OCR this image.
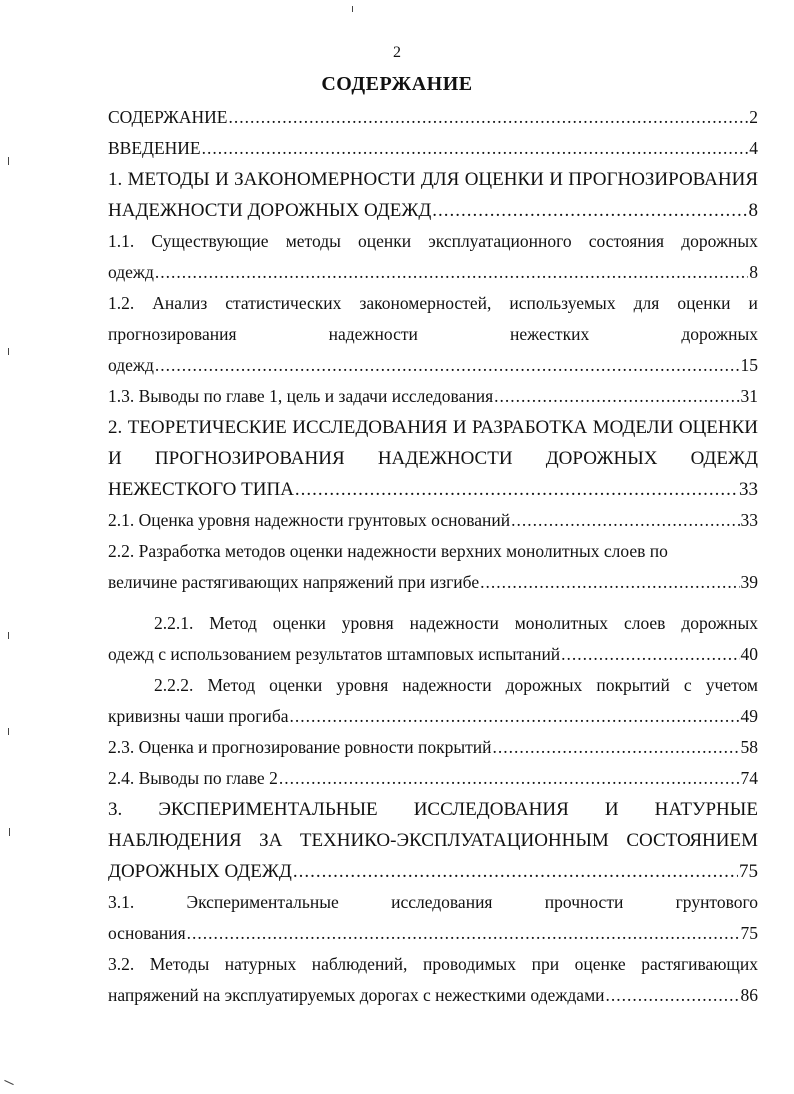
2
СОДЕРЖАНИЕ
СОДЕРЖАНИЕ .....	2
ВВЕДЕНИЕ .....	4
1. МЕТОДЫ И ЗАКОНОМЕРНОСТИ ДЛЯ ОЦЕНКИ И ПРОГНОЗИРОВАНИЯ
НАДЕЖНОСТИ ДОРОЖНЫХ ОДЕЖД .....	8
1.1. Существующие методы оценки эксплуатационного состояния дорожных
одежд .....	8
1.2. Анализ статистических закономерностей, используемых для оценки и
прогнозирования	надежности	нежестких	дорожных
одежд .....	15
1.3. Выводы по главе 1, цель и задачи исследования .....	31
2. ТЕОРЕТИЧЕСКИЕ ИССЛЕДОВАНИЯ И РАЗРАБОТКА МОДЕЛИ ОЦЕНКИ
И ПРОГНОЗИРОВАНИЯ НАДЕЖНОСТИ ДОРОЖНЫХ ОДЕЖД
НЕЖЕСТКОГО ТИПА .....	33
2.1. Оценка уровня надежности грунтовых оснований .....	33
2.2. Разработка методов оценки надежности верхних монолитных слоев по
величине растягивающих напряжений при изгибе .....	39
2.2.1. Метод оценки уровня надежности монолитных слоев дорожных
одежд с использованием результатов штамповых испытаний .....	40
2.2.2. Метод оценки уровня надежности дорожных покрытий с учетом
кривизны чаши прогиба .....	49
2.3. Оценка и прогнозирование ровности покрытий .....	58
2.4. Выводы по главе 2 .....	74
3. ЭКСПЕРИМЕНТАЛЬНЫЕ ИССЛЕДОВАНИЯ И НАТУРНЫЕ
НАБЛЮДЕНИЯ ЗА ТЕХНИКО-ЭКСПЛУАТАЦИОННЫМ СОСТОЯНИЕМ
ДОРОЖНЫХ ОДЕЖД .....	75
3.1.	Экспериментальные	исследования	прочности	грунтового
основания .....	75
3.2. Методы натурных наблюдений, проводимых при оценке растягивающих
напряжений на эксплуатируемых дорогах с нежесткими одеждами .....	86
